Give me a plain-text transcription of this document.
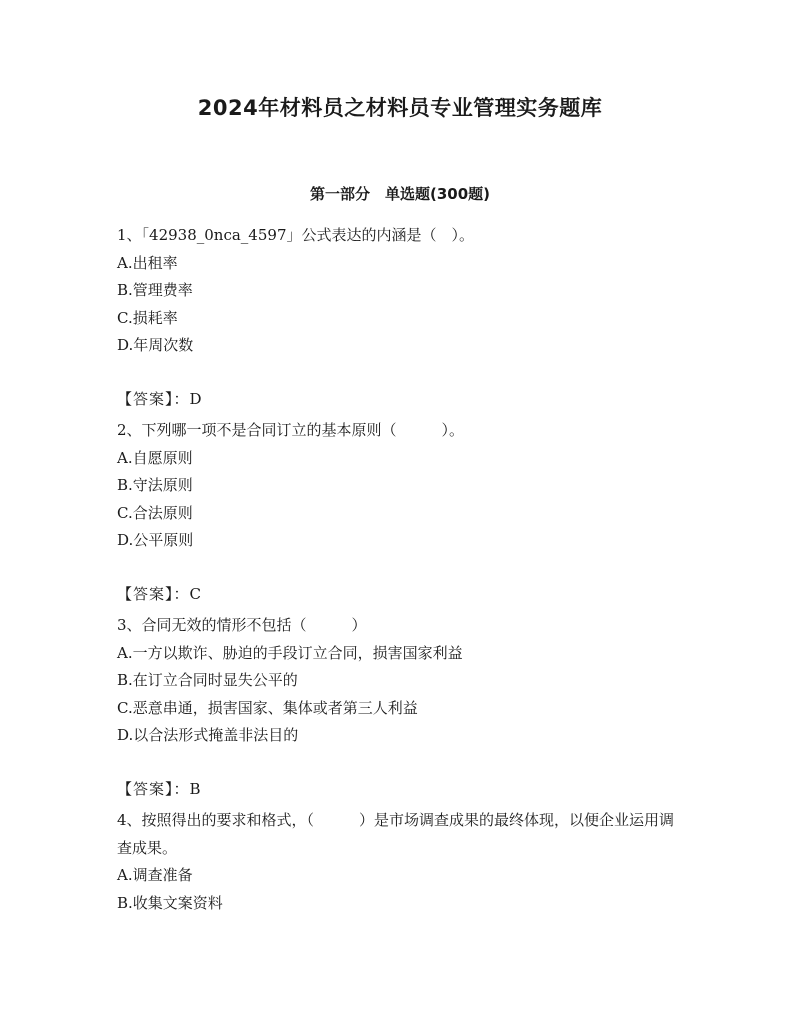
2024年材料员之材料员专业管理实务题库
第一部分　单选题(300题)

1、「42938_0nca_4597」公式表达的内涵是（　）。

A.出租率

B.管理费率

C.损耗率

D.年周次数

【答案】：D

2、下列哪一项不是合同订立的基本原则（　　　）。

A.自愿原则

B.守法原则

C.合法原则

D.公平原则

【答案】：C

3、合同无效的情形不包括（　　　）

A.一方以欺诈、胁迫的手段订立合同，损害国家利益

B.在订立合同时显失公平的

C.恶意串通，损害国家、集体或者第三人利益

D.以合法形式掩盖非法目的

【答案】：B

4、按照得出的要求和格式，（　　　）是市场调查成果的最终体现，以便企业运用调查成果。

A.调查准备

B.收集文案资料
